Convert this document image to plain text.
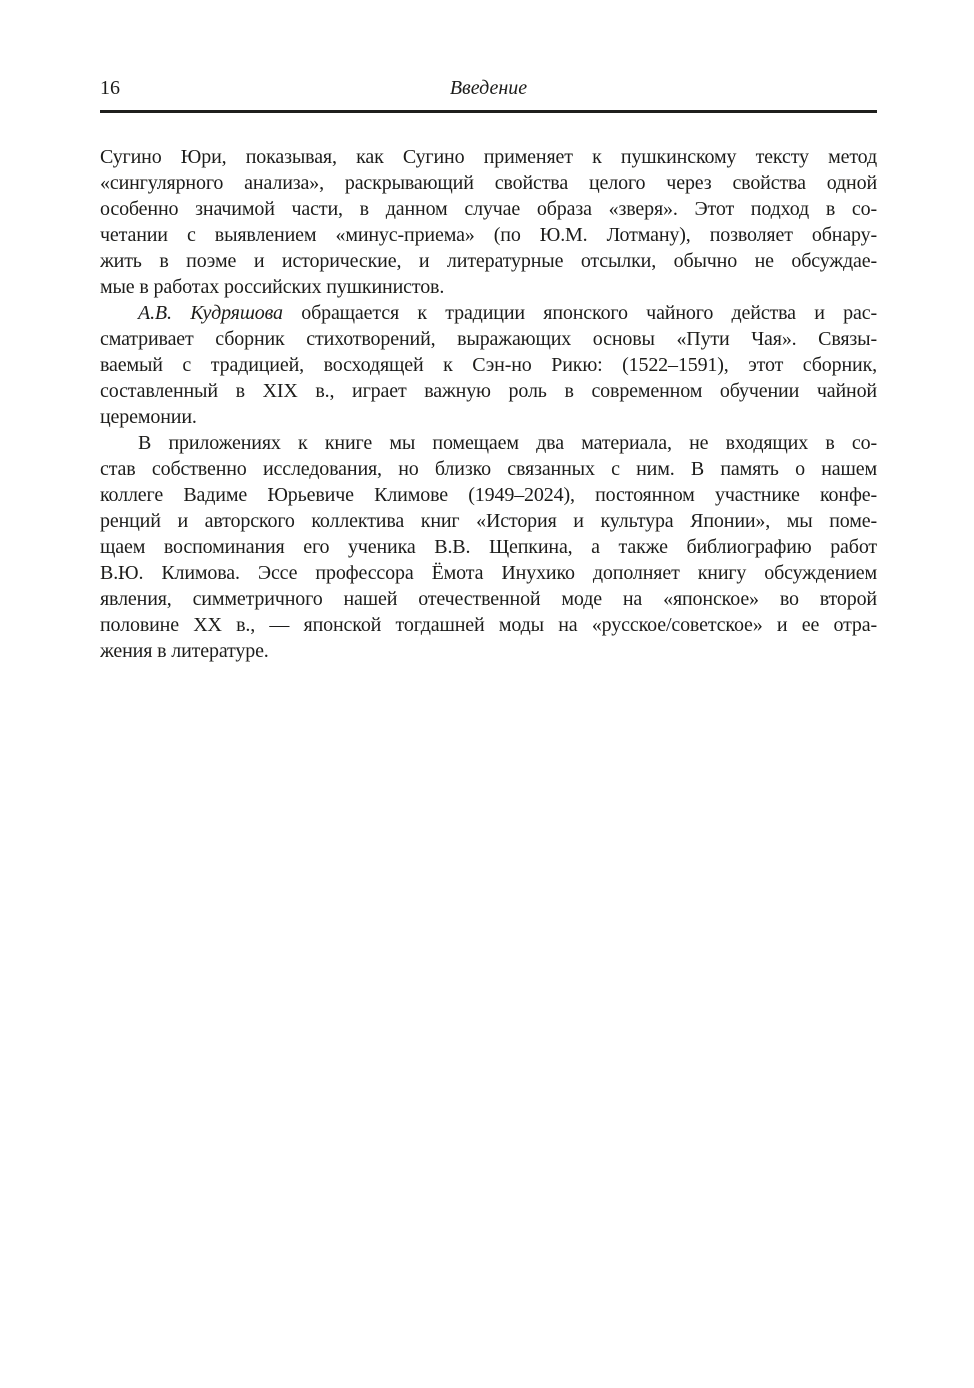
16	Введение
Сугино Юри, показывая, как Сугино применяет к пушкинскому тексту метод
«сингулярного анализа», раскрывающий свойства целого через свойства одной
особенно значимой части, в данном случае образа «зверя». Этот подход в со-
четании с выявлением «минус-приема» (по Ю.М. Лотману), позволяет обнару-
жить в поэме и исторические, и литературные отсылки, обычно не обсуждае-
мые в работах российских пушкинистов.
А.В. Кудряшова обращается к традиции японского чайного действа и рас-
сматривает сборник стихотворений, выражающих основы «Пути Чая». Связы-
ваемый с традицией, восходящей к Сэн-но Рикю: (1522–1591), этот сборник,
составленный в XIX в., играет важную роль в современном обучении чайной
церемонии.
В приложениях к книге мы помещаем два материала, не входящих в со-
став собственно исследования, но близко связанных с ним. В память о нашем
коллеге Вадиме Юрьевиче Климове (1949–2024), постоянном участнике конфе-
ренций и авторского коллектива книг «История и культура Японии», мы поме-
щаем воспоминания его ученика В.В. Щепкина, а также библиографию работ
В.Ю. Климова. Эссе профессора Ёмота Инухико дополняет книгу обсуждением
явления, симметричного нашей отечественной моде на «японское» во второй
половине XX в., — японской тогдашней моды на «русское/советское» и ее отра-
жения в литературе.
